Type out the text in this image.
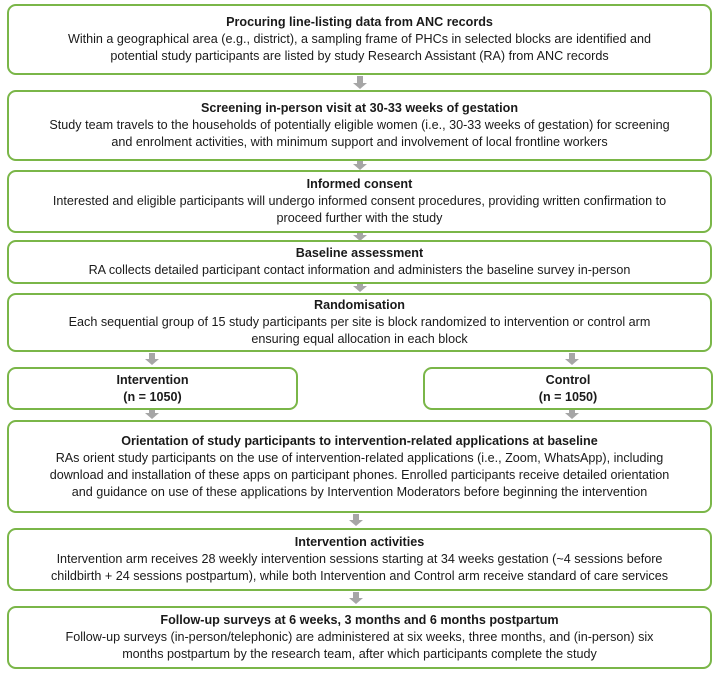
Procuring line-listing data from ANC records
Within a geographical area (e.g., district), a sampling frame of PHCs in selected blocks are identified and
potential study participants are listed by study Research Assistant (RA) from ANC records
Screening in-person visit at 30-33 weeks of gestation
Study team travels to the households of potentially eligible women (i.e., 30-33 weeks of gestation) for screening
and enrolment activities, with minimum support and involvement of local frontline workers
Informed consent
Interested and eligible participants will undergo informed consent procedures, providing written confirmation to
proceed further with the study
Baseline assessment
RA collects detailed participant contact information and administers the baseline survey in-person
Randomisation
Each sequential group of 15 study participants per site is block randomized to intervention or control arm
ensuring equal allocation in each block
Intervention
(n = 1050)
Control
(n = 1050)
Orientation of study participants to intervention-related applications at baseline
RAs orient study participants on the use of intervention-related applications (i.e., Zoom, WhatsApp), including
download and installation of these apps on participant phones. Enrolled participants receive detailed orientation
and guidance on use of these applications by Intervention Moderators before beginning the intervention
Intervention activities
Intervention arm receives 28 weekly intervention sessions starting at 34 weeks gestation (~4 sessions before
childbirth + 24 sessions postpartum), while both Intervention and Control arm receive standard of care services
Follow-up surveys at 6 weeks, 3 months and 6 months postpartum
Follow-up surveys (in-person/telephonic) are administered at six weeks, three months, and (in-person) six
months postpartum by the research team, after which participants complete the study
